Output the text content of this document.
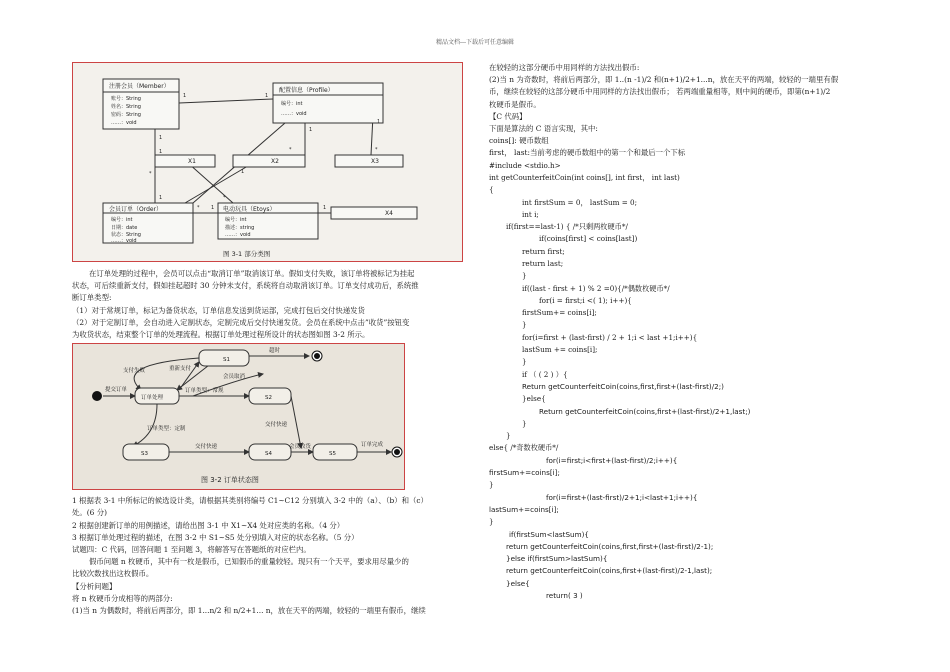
精品文档---下载后可任意编辑
注册会员（Member）
账号：String
姓名：String
密码：String
……：void
配置信息（Profile）
编号：int
……：void
X1	X2	X3
会员订单（Order）
编号：int
日期：date
状态：String
……：void
电动玩具（Etoys）
编号：int
描述：string
……：void
X4
1	1
1
1
*
1
*
1
1
*
1
*
* 1	1
图 3-1 部分类图
在订单处理的过程中，会员可以点击“取消订单”取消该订单。假如支付失败，该订单将被标记为挂起
状态，可后续重新支付，假如挂起超时 30 分钟未支付，系统将自动取消该订单。订单支付成功后，系统推
断订单类型:
（1）对于常规订单，标记为备货状态，订单信息发送到货运部，完成打包后交付快递发货
（2）对于定制订单，会自动进入定制状态，定制完成后交付快递发货。会员在系统中点击”收货”按钮变
为收货状态，结束整个订单的处理流程。根据订单处理过程所设计的状态图如图 3-2 所示。
S1
S2
S3	S4	S5
提交订单
订单处理
支付失败	重新支付
超时
会员取消
订单类型：常规
订单类型：定制
交付快递
交付快递	会员收货	订单完成
图 3-2 订单状态图
1 根据表 3-1 中所标记的候选设计类，请根据其类别将编号 C1~C12 分别填入 3-2 中的（a）、（b）和（c）
处。(6 分)
2 根据创建新订单的用例描述，请给出图 3-1 中 X1~X4 处对应类的名称。（4 分）
3 根据订单处理过程的描述，在图 3-2 中 S1~S5 处分别填入对应的状态名称。（5 分）
试题四：C 代码，回答问题 1 至问题 3，将解答写在答题纸的对应栏内。
假币问题 n 枚硬币，其中有一枚是假币，已知假币的重量较轻。现只有一个天平，要求用尽量少的
比较次数找出这枚假币。
【分析问题】
将 n 枚硬币分成相等的两部分:
(1)当 n 为偶数时，将前后两部分，即 1...n/2 和 n/2+1... n，放在天平的两端，较轻的一端里有假币，继续
在较轻的这部分硬币中用同样的方法找出假币:
(2)当 n 为奇数时，将前后两部分，即 1..(n -1)/2 和(n+1)/2+1...n，放在天平的两端，较轻的一端里有假
币，继续在较轻的这部分硬币中用同样的方法找出假币； 若两端重量相等，则中间的硬币，即第(n+1)/2
枚硬币是假币。
【C 代码】
下面是算法的 C 语言实现，其中:
coins[]: 硬币数组
first， last:当前考虑的硬币数组中的第一个和最后一个下标
#include <stdio.h>
int getCounterfeitCoin(int coins[], int first， int last)
{
int firstSum = 0， lastSum = 0;
int i;
if(first==last-1) { /*只剩两枚硬币*/
if(coins[first] < coins[last])
return first;
return last;
}
if((last - first + 1) % 2 =0){/*偶数枚硬币*/
for(i = first;i <( 1); i++){
firstSum+= coins[i];
}
for(i=first + (last-first) / 2 + 1;i < last +1;i++){
lastSum += coins[i];
}
if （ ( 2 ) ）{
Return getCounterfeitCoin(coins,first,first+(last-first)/2;)
}else{
Return getCounterfeitCoin(coins,first+(last-first)/2+1,last;)
}
}
else{ /*奇数枚硬币*/
for(i=first;i<first+(last-first)/2;i++){
firstSum+=coins[i];
}
for(i=first+(last-first)/2+1;i<last+1;i++){
lastSum+=coins[i];
}
if(firstSum<lastSum){
return getCounterfeitCoin(coins,first,first+(last-first)/2-1);
}else if(firstSum>lastSum){
return getCounterfeitCoin(coins,first+(last-first)/2-1,last);
}else{
return( 3 )
